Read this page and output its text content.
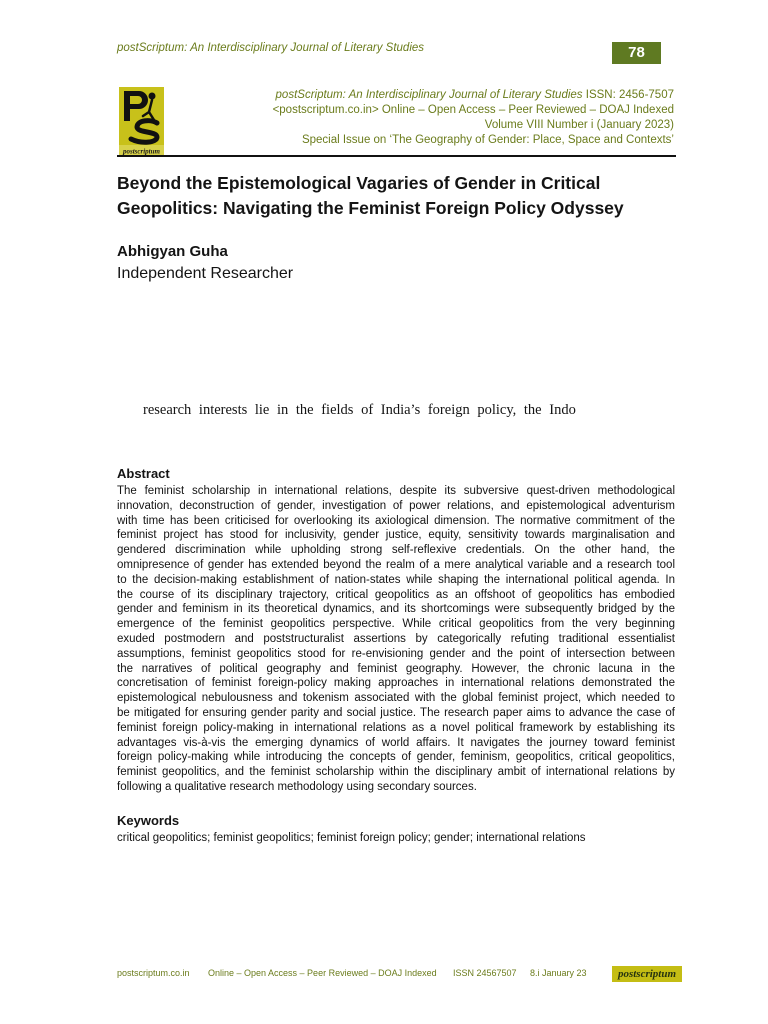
postScriptum: An Interdisciplinary Journal of Literary Studies	78
postscriptum
postScriptum: An Interdisciplinary Journal of Literary Studies ISSN: 2456-7507
<postscriptum.co.in> Online – Open Access – Peer Reviewed – DOAJ Indexed
Volume VIII Number i (January 2023)
Special Issue on ‘The Geography of Gender: Place, Space and Contexts’
Beyond the Epistemological Vagaries of Gender in Critical
Geopolitics: Navigating the Feminist Foreign Policy Odyssey
Abhigyan Guha
Independent Researcher
research interests lie in the fields of India’s foreign policy, the Indo
Abstract
The feminist scholarship in international relations, despite its subversive quest-driven methodological
innovation, deconstruction of gender, investigation of power relations, and epistemological adventurism
with time has been criticised for overlooking its axiological dimension. The normative commitment of the
feminist project has stood for inclusivity, gender justice, equity, sensitivity towards marginalisation and
gendered discrimination while upholding strong self-reflexive credentials. On the other hand, the
omnipresence of gender has extended beyond the realm of a mere analytical variable and a research tool
to the decision-making establishment of nation-states while shaping the international political agenda. In
the course of its disciplinary trajectory, critical geopolitics as an offshoot of geopolitics has embodied
gender and feminism in its theoretical dynamics, and its shortcomings were subsequently bridged by the
emergence of the feminist geopolitics perspective. While critical geopolitics from the very beginning
exuded postmodern and poststructuralist assertions by categorically refuting traditional essentialist
assumptions, feminist geopolitics stood for re-envisioning gender and the point of intersection between
the narratives of political geography and feminist geography. However, the chronic lacuna in the
concretisation of feminist foreign-policy making approaches in international relations demonstrated the
epistemological nebulousness and tokenism associated with the global feminist project, which needed to
be mitigated for ensuring gender parity and social justice. The research paper aims to advance the case of
feminist foreign policy-making in international relations as a novel political framework by establishing its
advantages vis-à-vis the emerging dynamics of world affairs. It navigates the journey toward feminist
foreign policy-making while introducing the concepts of gender, feminism, geopolitics, critical geopolitics,
feminist geopolitics, and the feminist scholarship within the disciplinary ambit of international relations by
following a qualitative research methodology using secondary sources.
Keywords
critical geopolitics; feminist geopolitics; feminist foreign policy; gender; international relations
postscriptum.co.in Online – Open Access – Peer Reviewed – DOAJ Indexed ISSN 24567507 8.i January 23	postscriptum
